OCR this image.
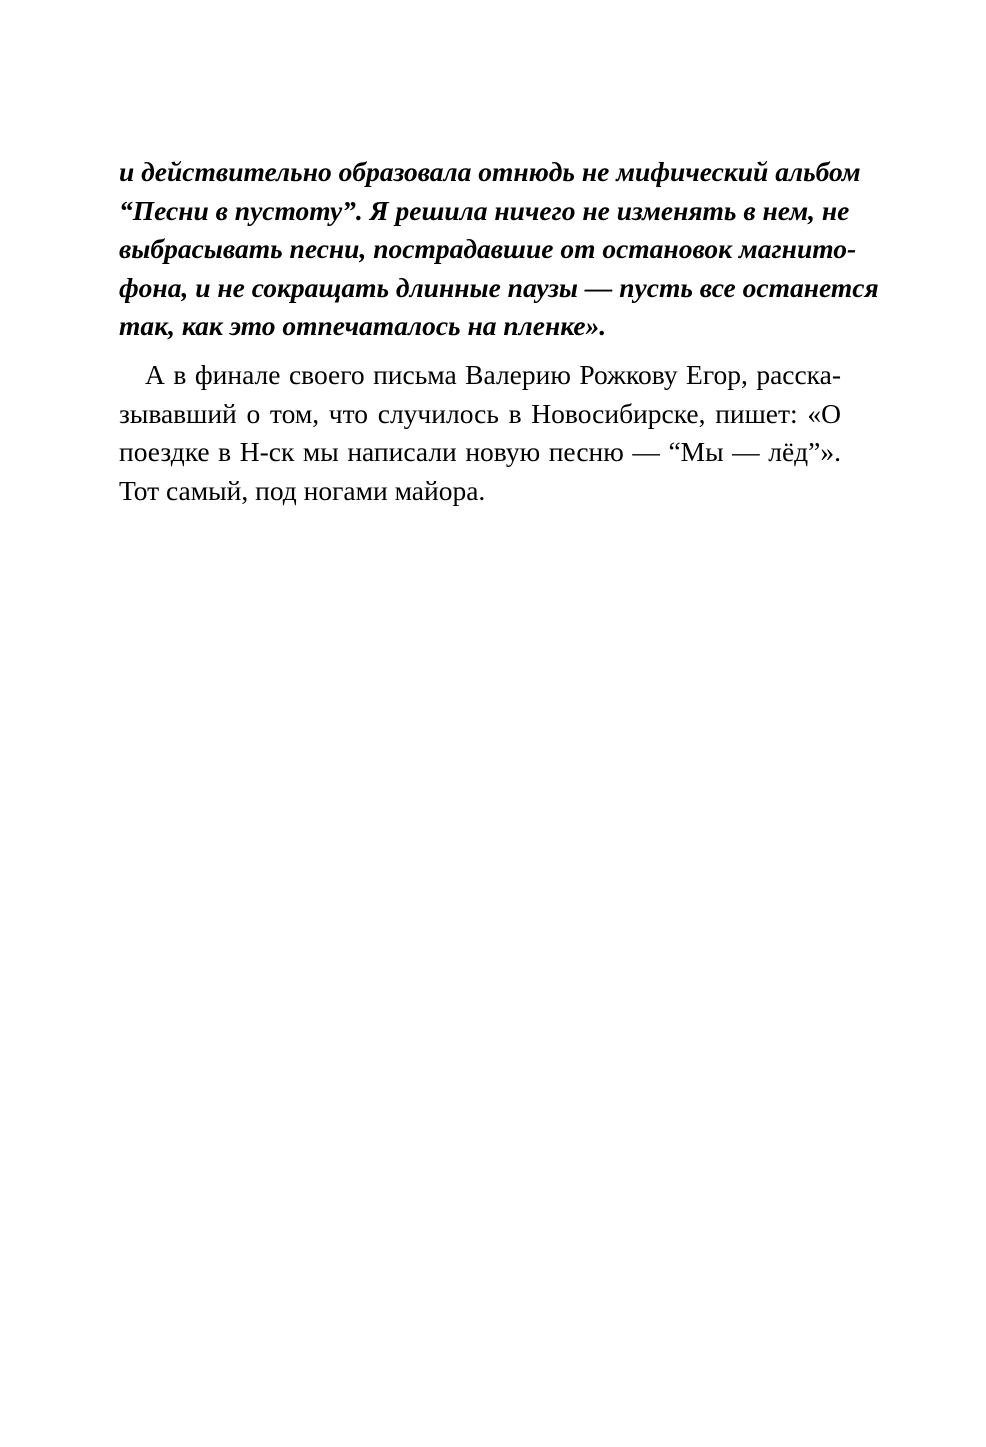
и действительно образовала отнюдь не мифический альбом
“Песни в пустоту”. Я решила ничего не изменять в нем, не
выбрасывать песни, пострадавшие от остановок магнито-
фона, и не сокращать длинные паузы — пусть все останется
так, как это отпечаталось на пленке».
А в финале своего письма Валерию Рожкову Егор, расска-
зывавший о том, что случилось в Новосибирске, пишет: «О
поездке в Н-ск мы написали новую песню — “Мы — лёд”».
Тот самый, под ногами майора.
